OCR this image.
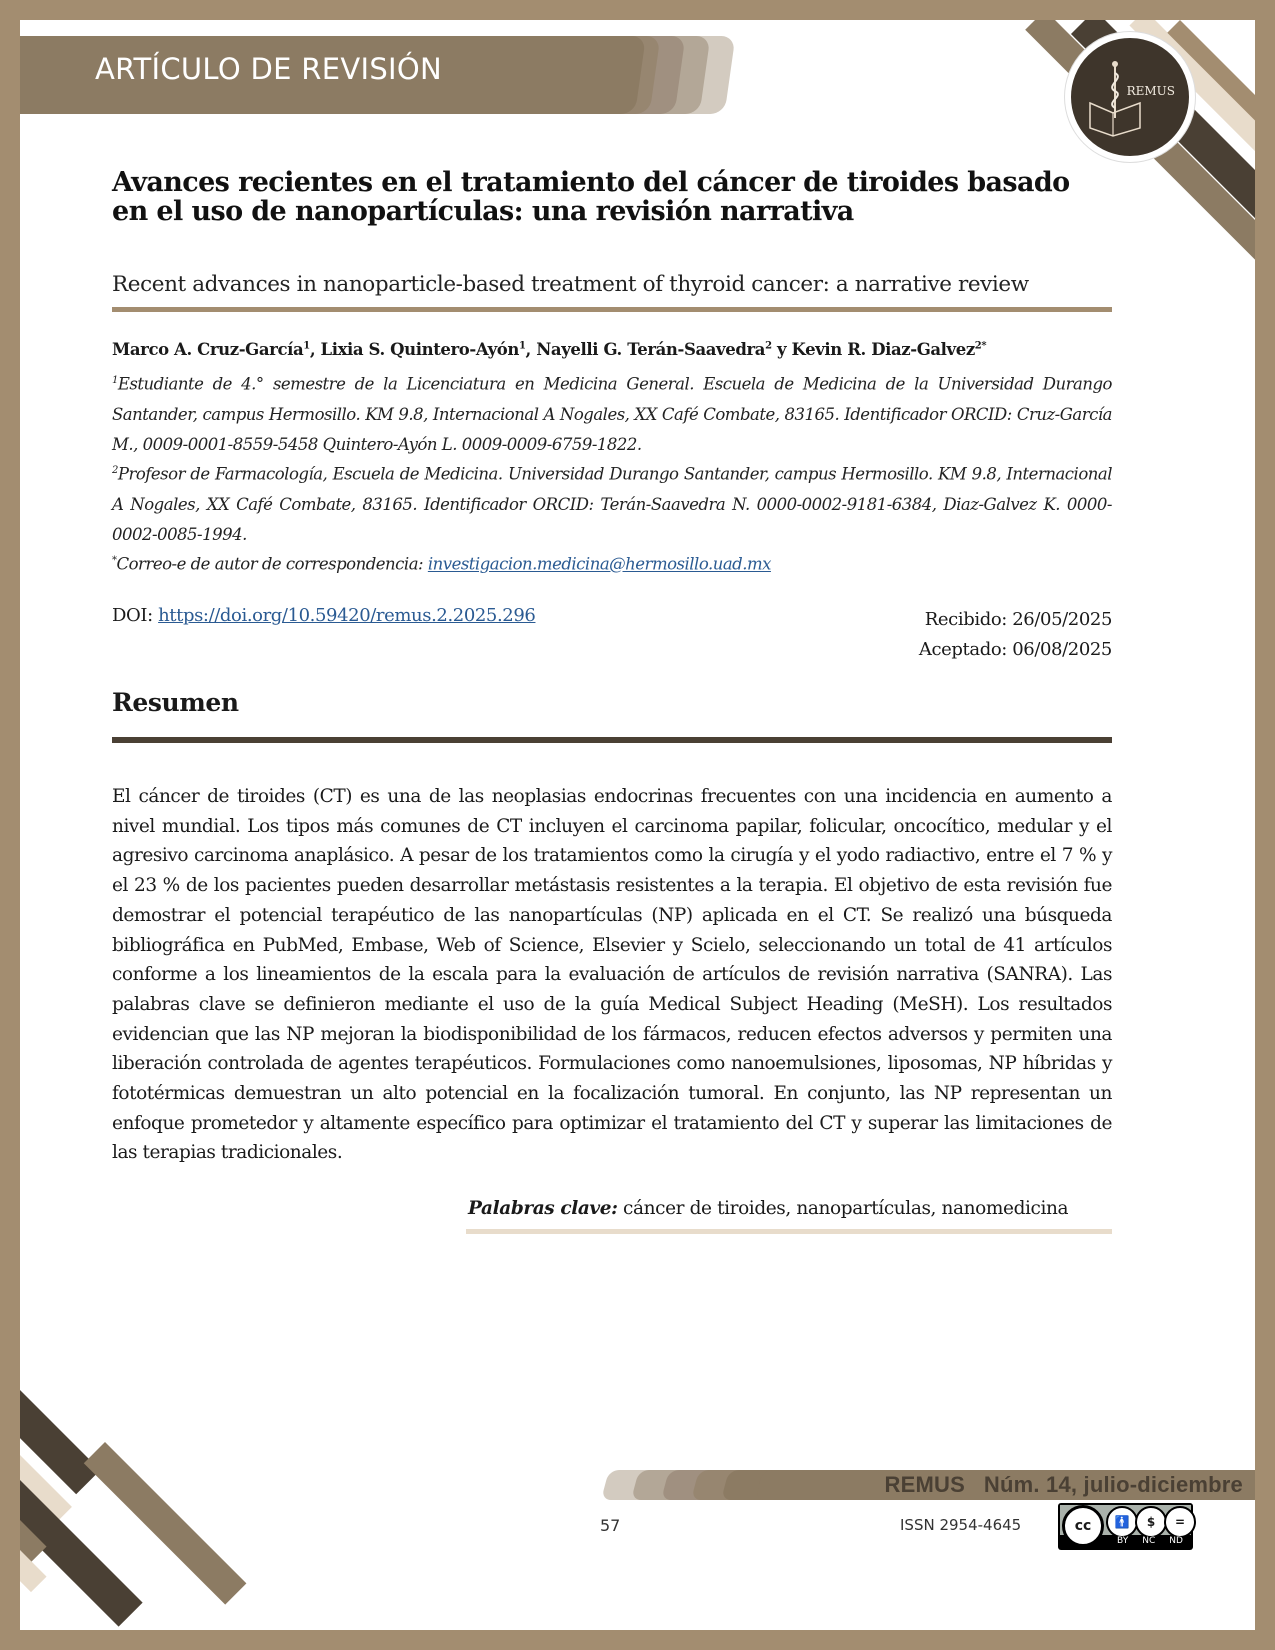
ARTÍCULO DE REVISIÓN
REMUS
Avances recientes en el tratamiento del cáncer de tiroides basado en el uso de nanopartículas: una revisión narrativa
Recent advances in nanoparticle-based treatment of thyroid cancer: a narrative review
Marco A. Cruz-García$^1$, Lixia S. Quintero-Ayón$^1$, Nayelli G. Terán-Saavedra$^2$ y Kevin R. Diaz-Galvez$^{2*}$
$^1$Estudiante de 4.° semestre de la Licenciatura en Medicina General. Escuela de Medicina de la Universidad Durango Santander, campus Hermosillo. KM 9.8, Internacional A Nogales, XX Café Combate, 83165. Identificador ORCID: Cruz-García M., 0009-0001-8559-5458 Quintero-Ayón L. 0009-0009-6759-1822.
$^2$Profesor de Farmacología, Escuela de Medicina. Universidad Durango Santander, campus Hermosillo. KM 9.8, Internacional A Nogales, XX Café Combate, 83165. Identificador ORCID: Terán-Saavedra N. 0000-0002-9181-6384, Diaz-Galvez K. 0000-0002-0085-1994.
*Correo-e de autor de correspondencia: investigacion.medicina@hermosillo.uad.mx
DOI: https://doi.org/10.59420/remus.2.2025.296	Recibido: 26/05/2025
Aceptado: 06/08/2025
Resumen
El cáncer de tiroides (CT) es una de las neoplasias endocrinas frecuentes con una incidencia en aumento a nivel mundial. Los tipos más comunes de CT incluyen el carcinoma papilar, folicular, oncocítico, medular y el agresivo carcinoma anaplásico. A pesar de los tratamientos como la cirugía y el yodo radiactivo, entre el 7 % y el 23 % de los pacientes pueden desarrollar metástasis resistentes a la terapia. El objetivo de esta revisión fue demostrar el potencial terapéutico de las nanopartículas (NP) aplicada en el CT. Se realizó una búsqueda bibliográfica en PubMed, Embase, Web of Science, Elsevier y Scielo, seleccionando un total de 41 artículos conforme a los lineamientos de la escala para la evaluación de artículos de revisión narrativa (SANRA). Las palabras clave se definieron mediante el uso de la guía Medical Subject Heading (MeSH). Los resultados evidencian que las NP mejoran la biodisponibilidad de los fármacos, reducen efectos adversos y permiten una liberación controlada de agentes terapéuticos. Formulaciones como nanoemulsiones, liposomas, NP híbridas y fototérmicas demuestran un alto potencial en la focalización tumoral. En conjunto, las NP representan un enfoque prometedor y altamente específico para optimizar el tratamiento del CT y superar las limitaciones de las terapias tradicionales.
Palabras clave: cáncer de tiroides, nanopartículas, nanomedicina
REMUS   Núm. 14, julio-diciembre
57	ISSN 2954-4645	cc	🚹	$	=
BY NC ND
